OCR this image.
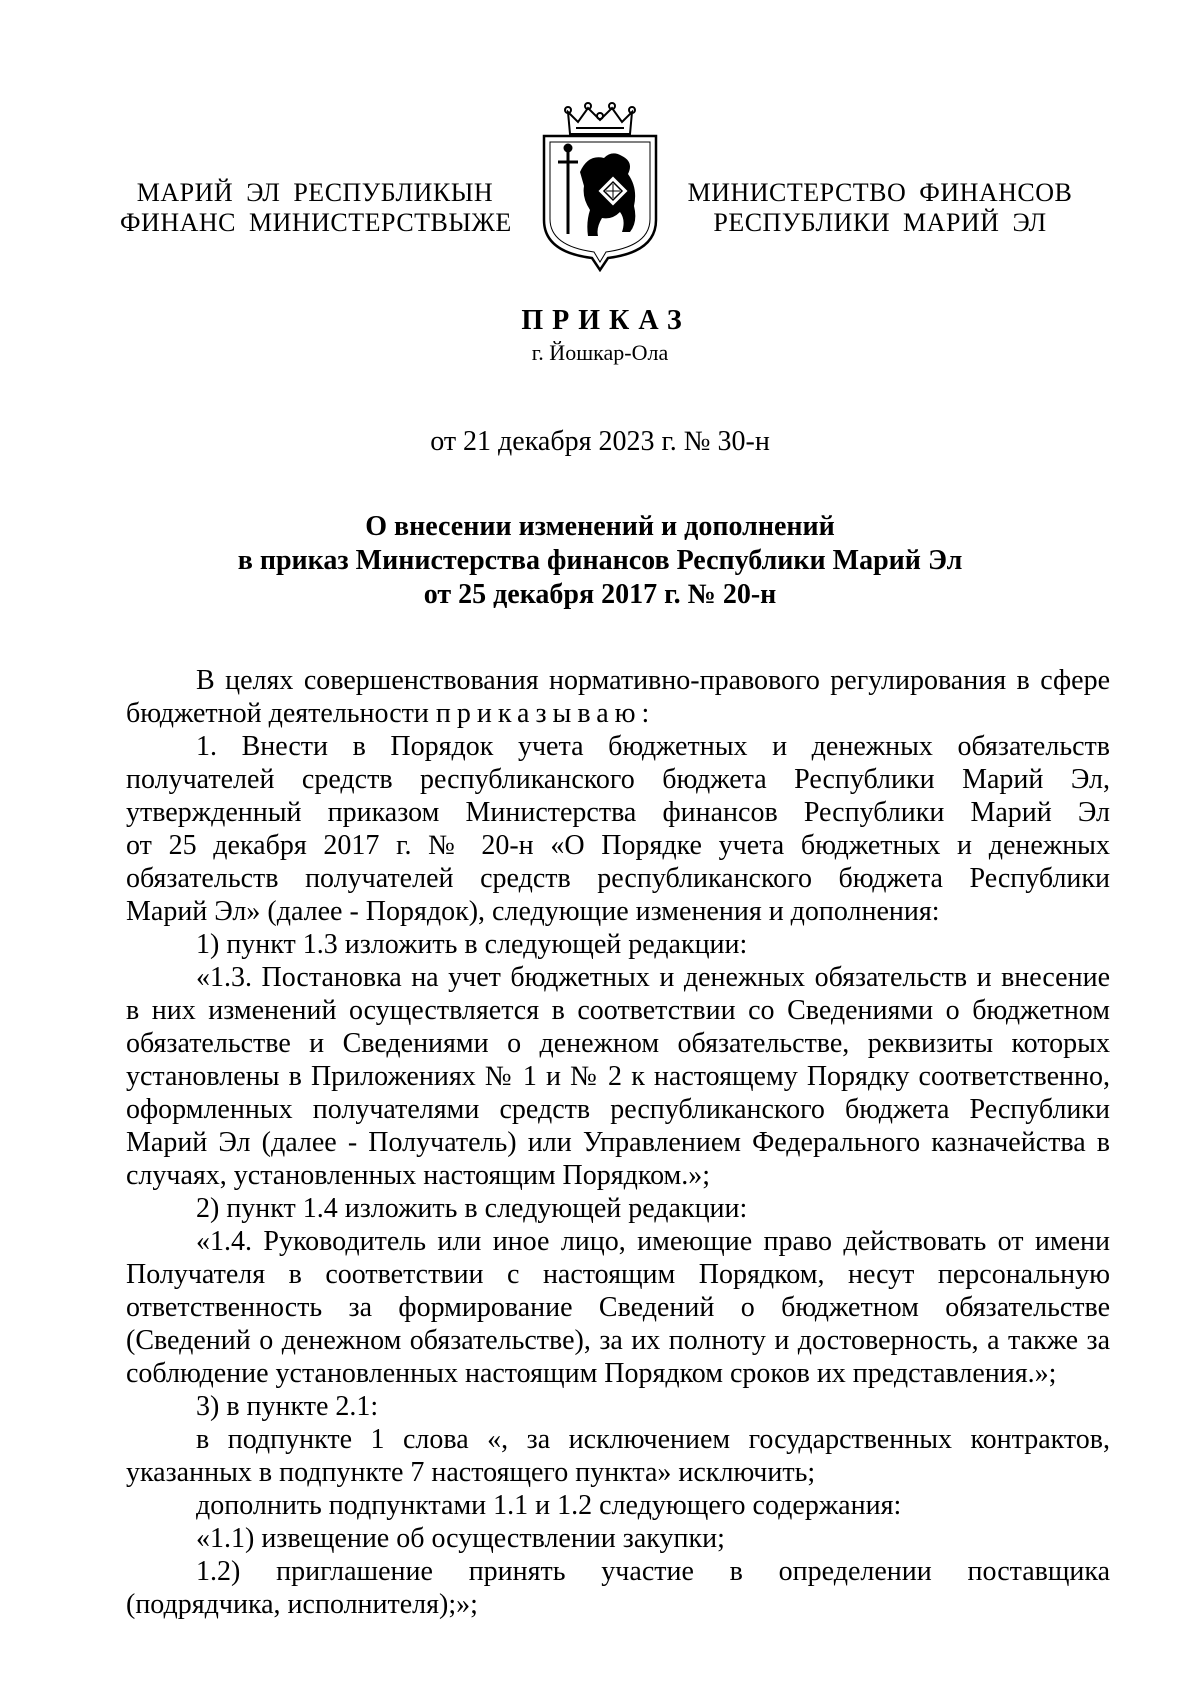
МАРИЙ ЭЛ РЕСПУБЛИКЫН
ФИНАНС МИНИСТЕРСТВЫЖЕ
МИНИСТЕРСТВО ФИНАНСОВ
РЕСПУБЛИКИ МАРИЙ ЭЛ
ПРИКАЗ
г. Йошкар-Ола
от 21 декабря 2023 г. № 30-н
О внесении изменений и дополнений
в приказ Министерства финансов Республики Марий Эл
от 25 декабря 2017 г. № 20-н
В целях совершенствования нормативно-правового регулирования в сфере
бюджетной деятельности приказываю:
1. Внести в Порядок учета бюджетных и денежных обязательств
получателей средств республиканского бюджета Республики Марий Эл,
утвержденный приказом Министерства финансов Республики Марий Эл
от 25 декабря 2017 г. № 20-н «О Порядке учета бюджетных и денежных
обязательств получателей средств республиканского бюджета Республики
Марий Эл» (далее - Порядок), следующие изменения и дополнения:
1) пункт 1.3 изложить в следующей редакции:
«1.3. Постановка на учет бюджетных и денежных обязательств и внесение
в них изменений осуществляется в соответствии со Сведениями о бюджетном
обязательстве и Сведениями о денежном обязательстве, реквизиты которых
установлены в Приложениях № 1 и № 2 к настоящему Порядку соответственно,
оформленных получателями средств республиканского бюджета Республики
Марий Эл (далее - Получатель) или Управлением Федерального казначейства в
случаях, установленных настоящим Порядком.»;
2) пункт 1.4 изложить в следующей редакции:
«1.4. Руководитель или иное лицо, имеющие право действовать от имени
Получателя в соответствии с настоящим Порядком, несут персональную
ответственность за формирование Сведений о бюджетном обязательстве
(Сведений о денежном обязательстве), за их полноту и достоверность, а также за
соблюдение установленных настоящим Порядком сроков их представления.»;
3) в пункте 2.1:
в подпункте 1 слова «, за исключением государственных контрактов,
указанных в подпункте 7 настоящего пункта» исключить;
дополнить подпунктами 1.1 и 1.2 следующего содержания:
«1.1) извещение об осуществлении закупки;
1.2) приглашение принять участие в определении поставщика
(подрядчика, исполнителя);»;
